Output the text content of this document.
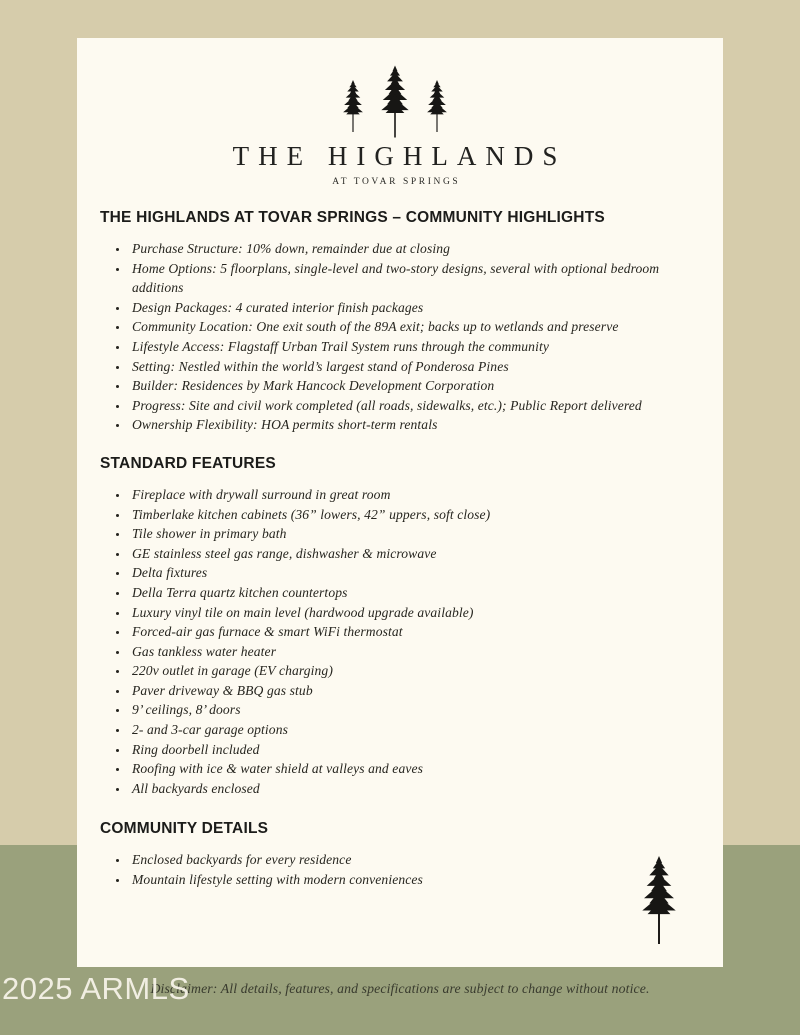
THE HIGHLANDS
AT TOVAR SPRINGS
THE HIGHLANDS AT TOVAR SPRINGS – COMMUNITY HIGHLIGHTS
• Purchase Structure: 10% down, remainder due at closing
• Home Options: 5 floorplans, single-level and two-story designs, several with optional bedroom additions
• Design Packages: 4 curated interior finish packages
• Community Location: One exit south of the 89A exit; backs up to wetlands and preserve
• Lifestyle Access: Flagstaff Urban Trail System runs through the community
• Setting: Nestled within the world’s largest stand of Ponderosa Pines
• Builder: Residences by Mark Hancock Development Corporation
• Progress: Site and civil work completed (all roads, sidewalks, etc.); Public Report delivered
• Ownership Flexibility: HOA permits short-term rentals
STANDARD FEATURES
• Fireplace with drywall surround in great room
• Timberlake kitchen cabinets (36” lowers, 42” uppers, soft close)
• Tile shower in primary bath
• GE stainless steel gas range, dishwasher & microwave
• Delta fixtures
• Della Terra quartz kitchen countertops
• Luxury vinyl tile on main level (hardwood upgrade available)
• Forced-air gas furnace & smart WiFi thermostat
• Gas tankless water heater
• 220v outlet in garage (EV charging)
• Paver driveway & BBQ gas stub
• 9’ ceilings, 8’ doors
• 2- and 3-car garage options
• Ring doorbell included
• Roofing with ice & water shield at valleys and eaves
• All backyards enclosed
COMMUNITY DETAILS
• Enclosed backyards for every residence
• Mountain lifestyle setting with modern conveniences
Disclaimer: All details, features, and specifications are subject to change without notice.
2025 ARMLS
